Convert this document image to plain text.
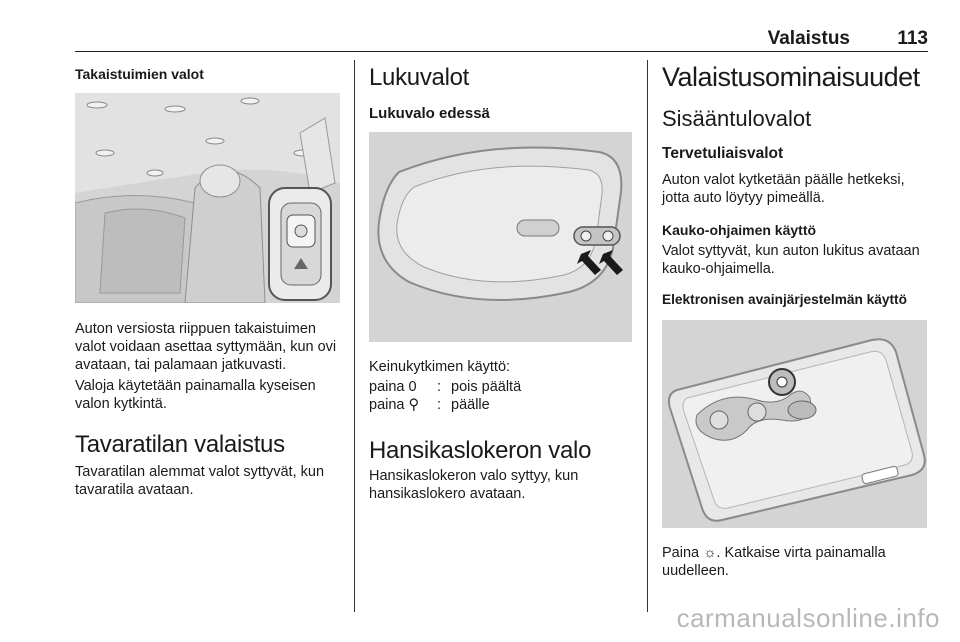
Valaistus 113
Takaistuimien valot
Auton versiosta riippuen takaistuimen valot voidaan asettaa syttymään, kun ovi avataan, tai palamaan jatkuvasti.
Valoja käytetään painamalla kyseisen valon kytkintä.
Tavaratilan valaistus
Tavaratilan alemmat valot syttyvät, kun tavaratila avataan.
Lukuvalot
Lukuvalo edessä
Keinukytkimen käyttö:
paina 0	: pois päältä
paina ⚲	: päälle
Hansikaslokeron valo
Hansikaslokeron valo syttyy, kun hansikaslokero avataan.
Valaistusominaisuudet
Sisääntulovalot
Tervetuliaisvalot
Auton valot kytketään päälle hetkeksi, jotta auto löytyy pimeällä.
Kauko-ohjaimen käyttö
Valot syttyvät, kun auton lukitus avataan kauko-ohjaimella.
Elektronisen avainjärjestelmän käyttö
Paina ☼. Katkaise virta painamalla uudelleen.
carmanualsonline.info
